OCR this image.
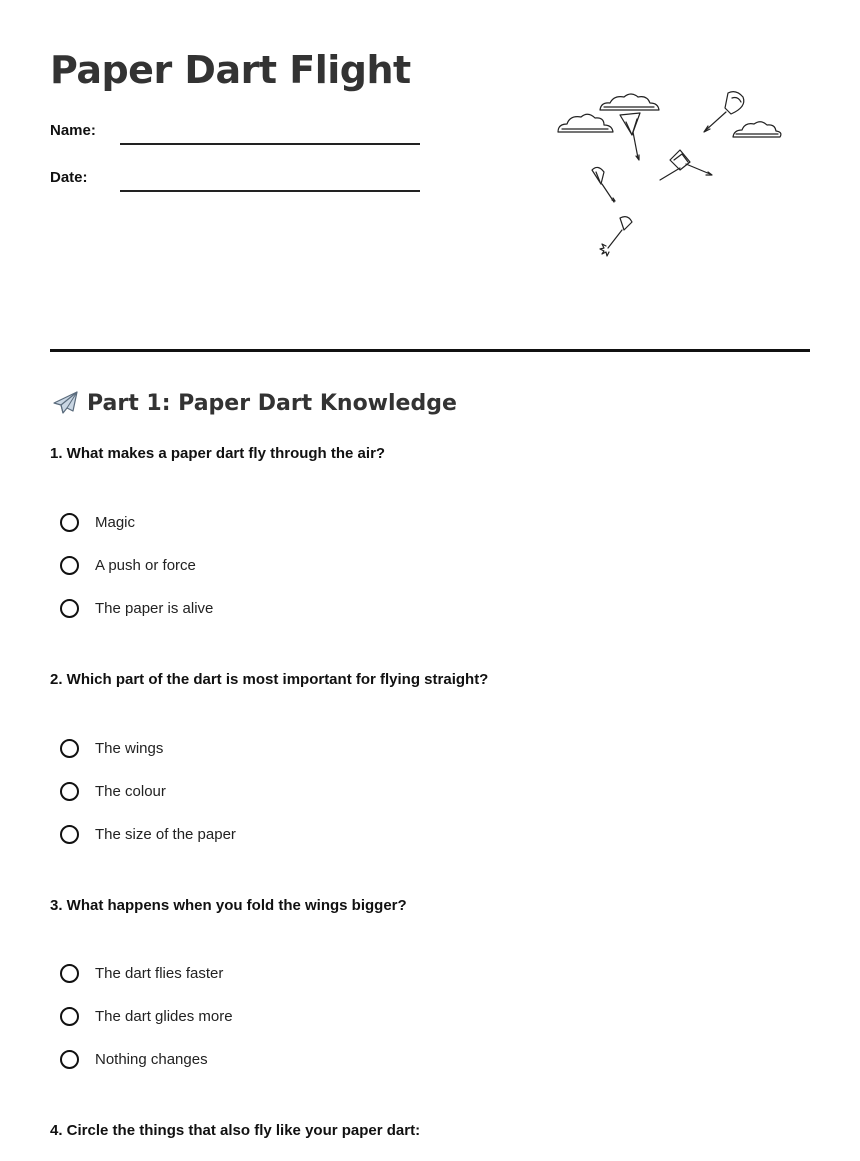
Paper Dart Flight
Name:
Date:
Part 1: Paper Dart Knowledge

1. What makes a paper dart fly through the air?

Magic
A push or force
The paper is alive

2. Which part of the dart is most important for flying straight?

The wings
The colour
The size of the paper

3. What happens when you fold the wings bigger?

The dart flies faster
The dart glides more
Nothing changes

4. Circle the things that also fly like your paper dart:
